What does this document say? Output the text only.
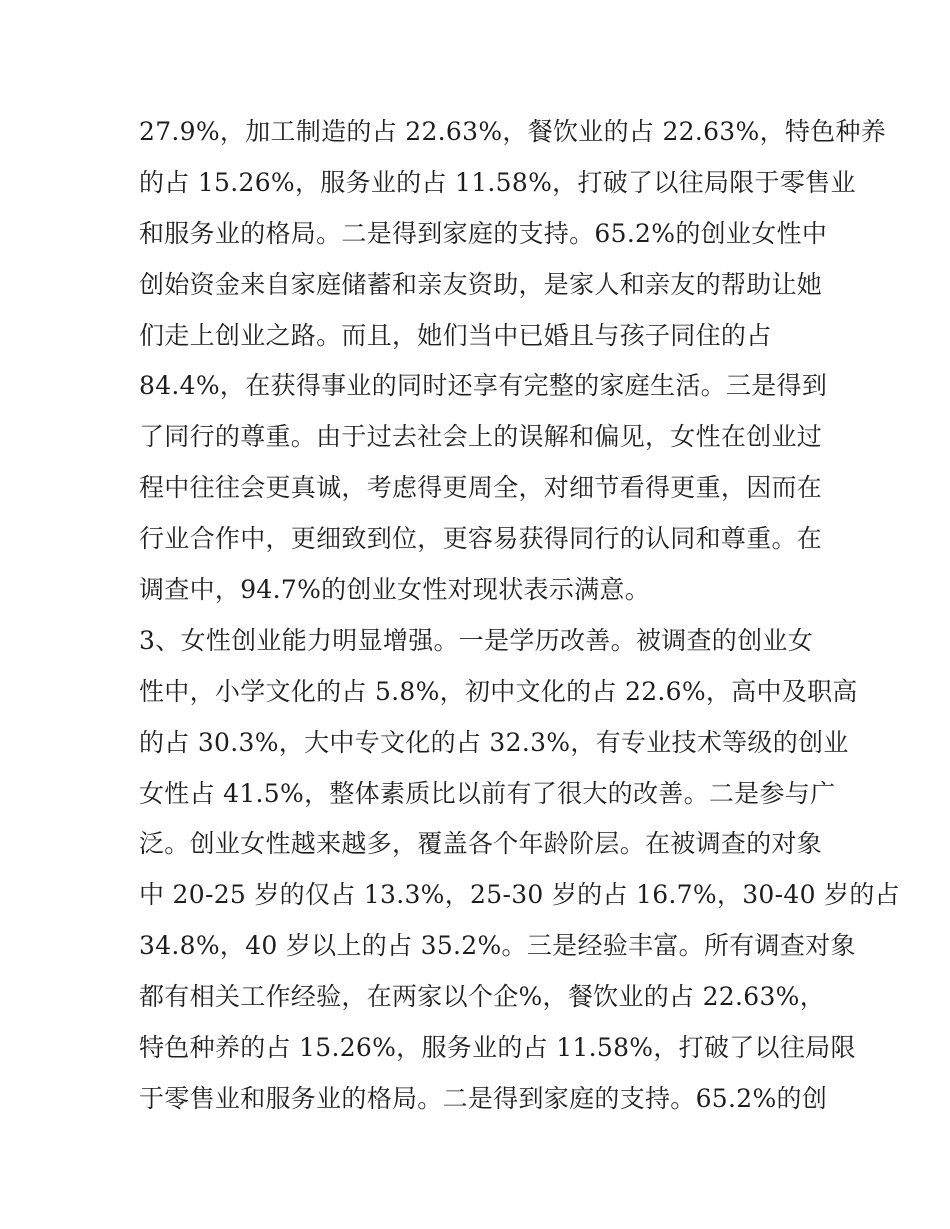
27.9%，加工制造的占 22.63%，餐饮业的占 22.63%，特色种养
的占 15.26%，服务业的占 11.58%，打破了以往局限于零售业
和服务业的格局。二是得到家庭的支持。65.2%的创业女性中
创始资金来自家庭储蓄和亲友资助，是家人和亲友的帮助让她
们走上创业之路。而且，她们当中已婚且与孩子同住的占
84.4%，在获得事业的同时还享有完整的家庭生活。三是得到
了同行的尊重。由于过去社会上的误解和偏见，女性在创业过
程中往往会更真诚，考虑得更周全，对细节看得更重，因而在
行业合作中，更细致到位，更容易获得同行的认同和尊重。在
调查中，94.7%的创业女性对现状表示满意。
3、女性创业能力明显增强。一是学历改善。被调查的创业女
性中，小学文化的占 5.8%，初中文化的占 22.6%，高中及职高
的占 30.3%，大中专文化的占 32.3%，有专业技术等级的创业
女性占 41.5%，整体素质比以前有了很大的改善。二是参与广
泛。创业女性越来越多，覆盖各个年龄阶层。在被调查的对象
中 20-25 岁的仅占 13.3%，25-30 岁的占 16.7%，30-40 岁的占
34.8%，40 岁以上的占 35.2%。三是经验丰富。所有调查对象
都有相关工作经验，在两家以个企%，餐饮业的占 22.63%，
特色种养的占 15.26%，服务业的占 11.58%，打破了以往局限
于零售业和服务业的格局。二是得到家庭的支持。65.2%的创
